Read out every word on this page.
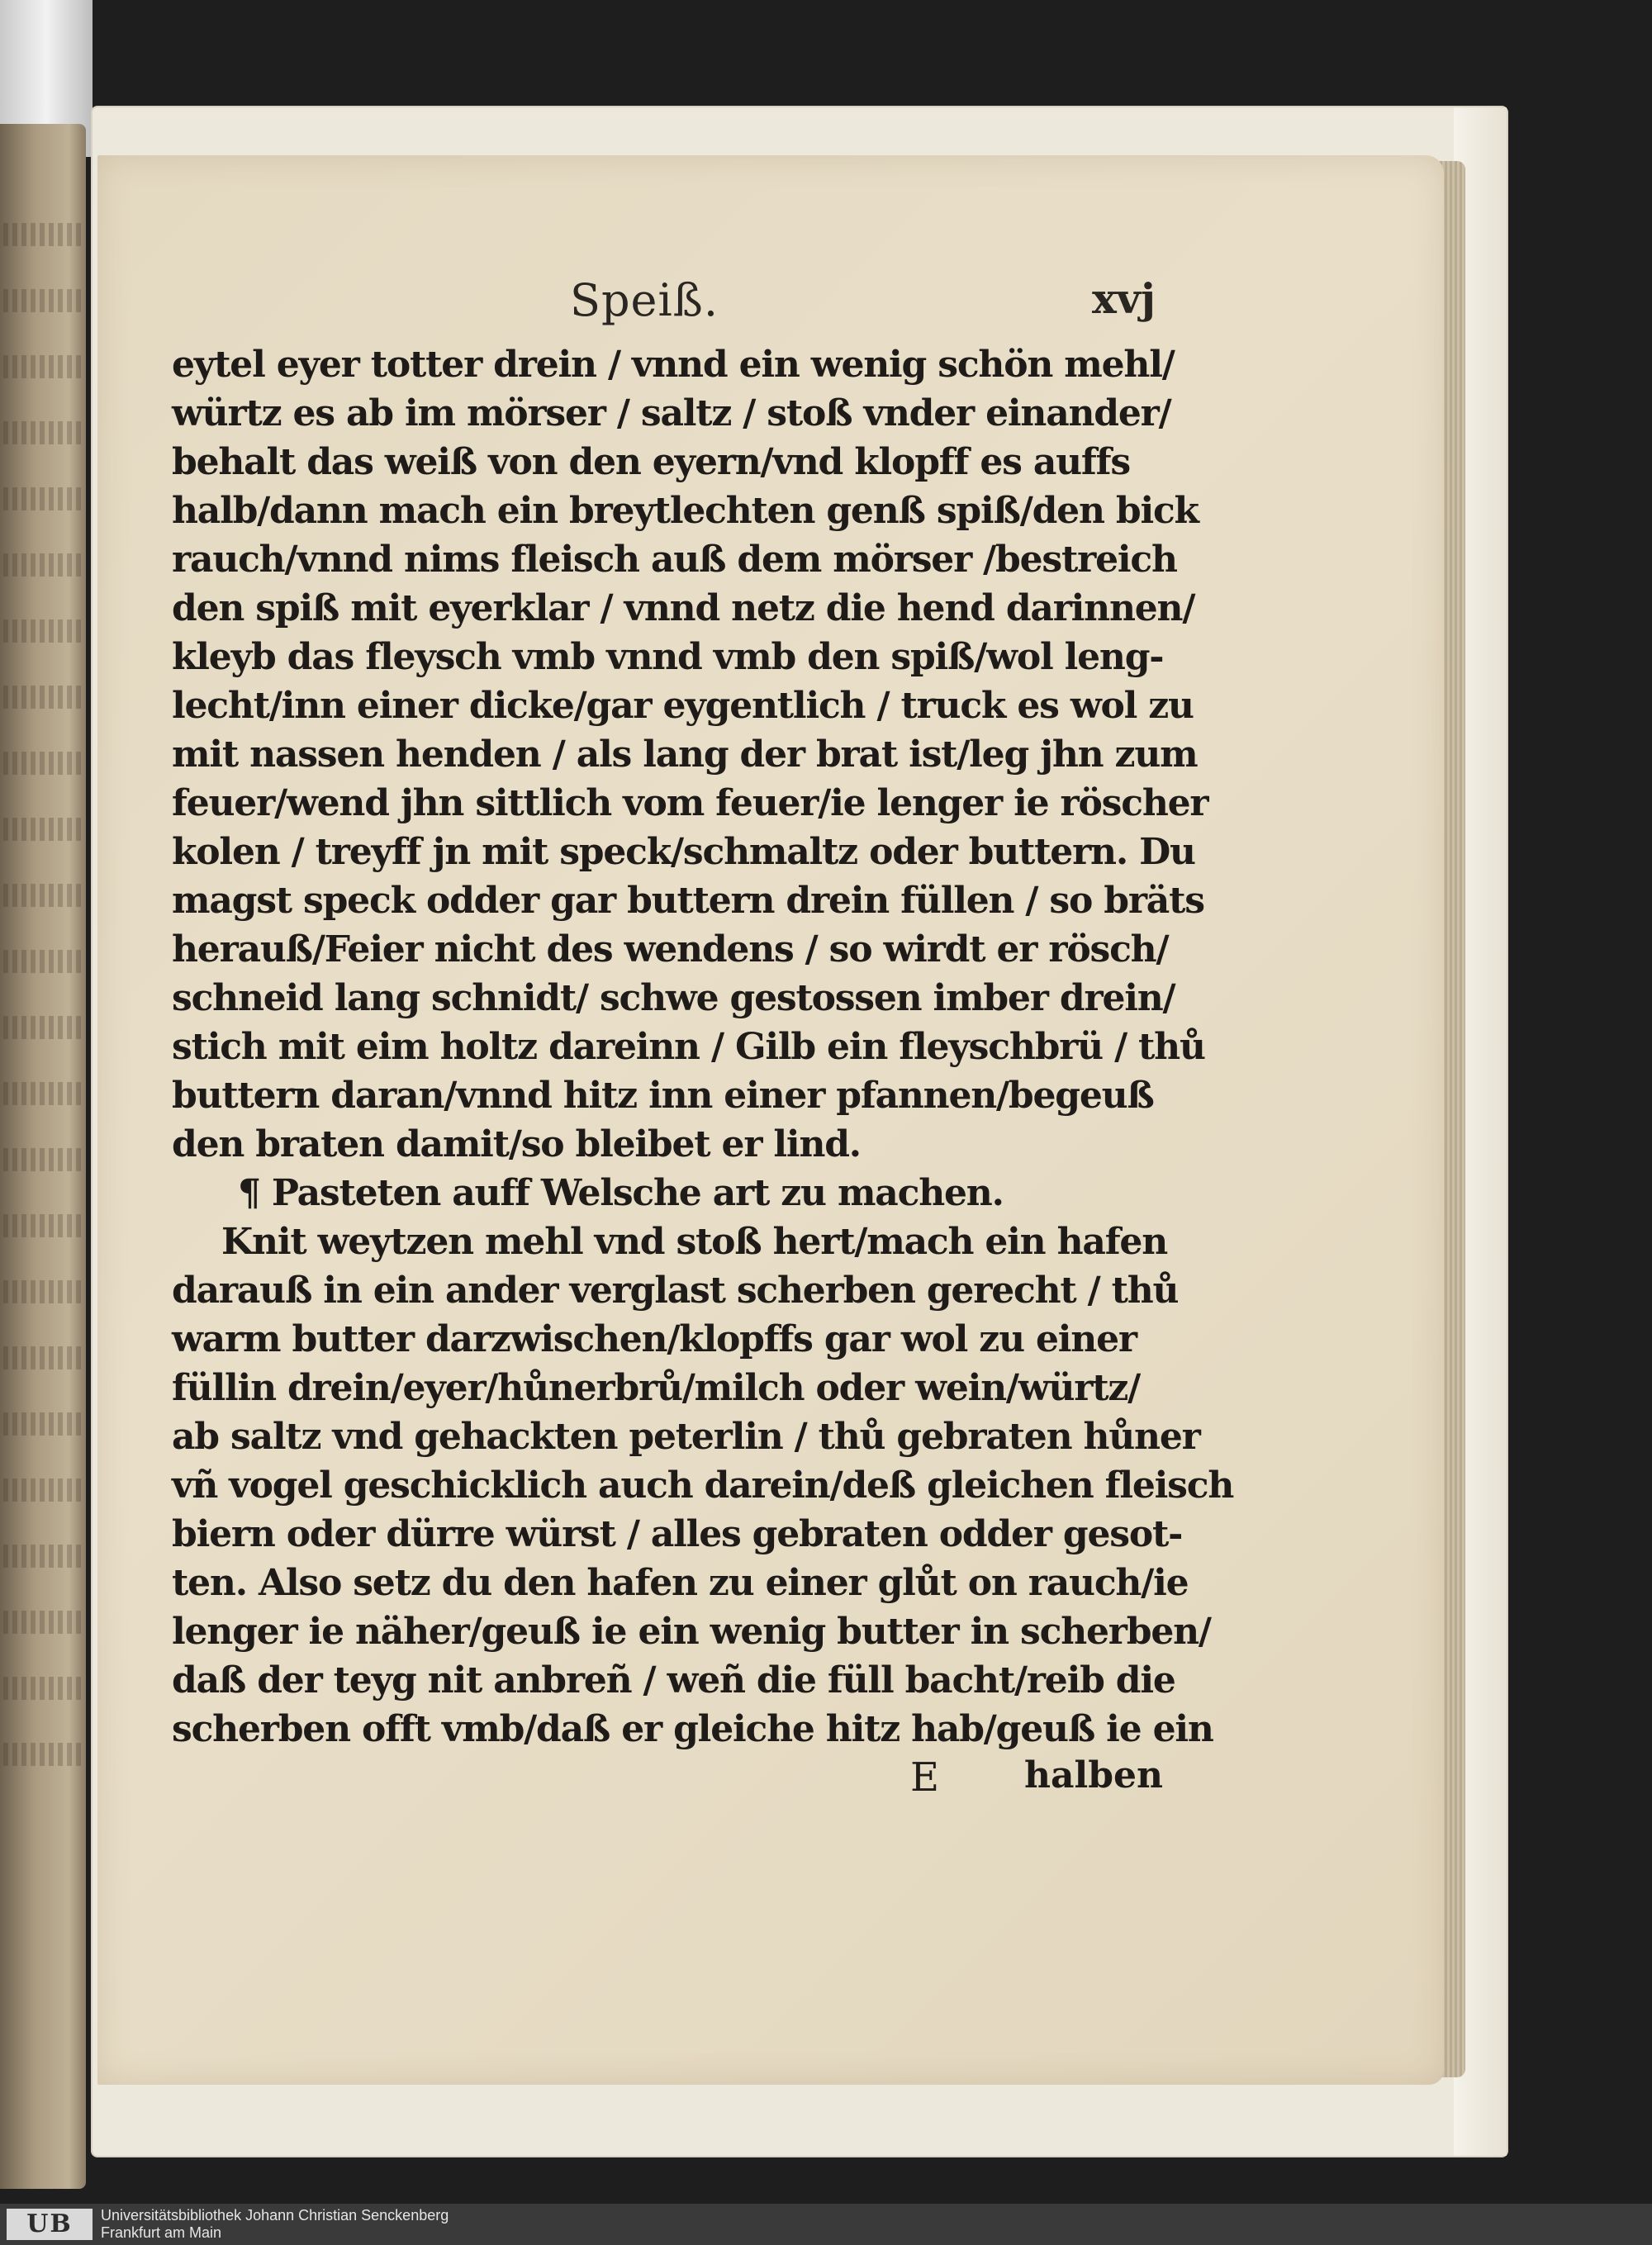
Speiß.	xvj
eytel eyer totter drein / vnnd ein wenig schön mehl/
würtz es ab im mörser / saltz / stoß vnder einander/
behalt das weiß von den eyern/vnd klopff es auffs
halb/dann mach ein breytlechten genß spiß/den bick
rauch/vnnd nims fleisch auß dem mörser /bestreich
den spiß mit eyerklar / vnnd netz die hend darinnen/
kleyb das fleysch vmb vnnd vmb den spiß/wol leng-
lecht/inn einer dicke/gar eygentlich / truck es wol zu
mit nassen henden / als lang der brat ist/leg jhn zum
feuer/wend jhn sittlich vom feuer/ie lenger ie röscher
kolen / treyff jn mit speck/schmaltz oder buttern. Du
magst speck odder gar buttern drein füllen / so bräts
herauß/Feier nicht des wendens / so wirdt er rösch/
schneid lang schnidt/ schwe gestossen imber drein/
stich mit eim holtz dareinn / Gilb ein fleyschbrü / thů
buttern daran/vnnd hitz inn einer pfannen/begeuß
den braten damit/so bleibet er lind.
¶ Pasteten auff Welsche art zu machen.
Knit weytzen mehl vnd stoß hert/mach ein hafen
darauß in ein ander verglast scherben gerecht / thů
warm butter darzwischen/klopffs gar wol zu einer
füllin drein/eyer/hůnerbrů/milch oder wein/würtz/
ab saltz vnd gehackten peterlin / thů gebraten hůner
vñ vogel geschicklich auch darein/deß gleichen fleisch
biern oder dürre würst / alles gebraten odder gesot-
ten. Also setz du den hafen zu einer glůt on rauch/ie
lenger ie näher/geuß ie ein wenig butter in scherben/
daß der teyg nit anbreñ / weñ die füll bacht/reib die
scherben offt vmb/daß er gleiche hitz hab/geuß ie ein
E halben
UB	Universitätsbibliothek Johann Christian Senckenberg
Frankfurt am Main
